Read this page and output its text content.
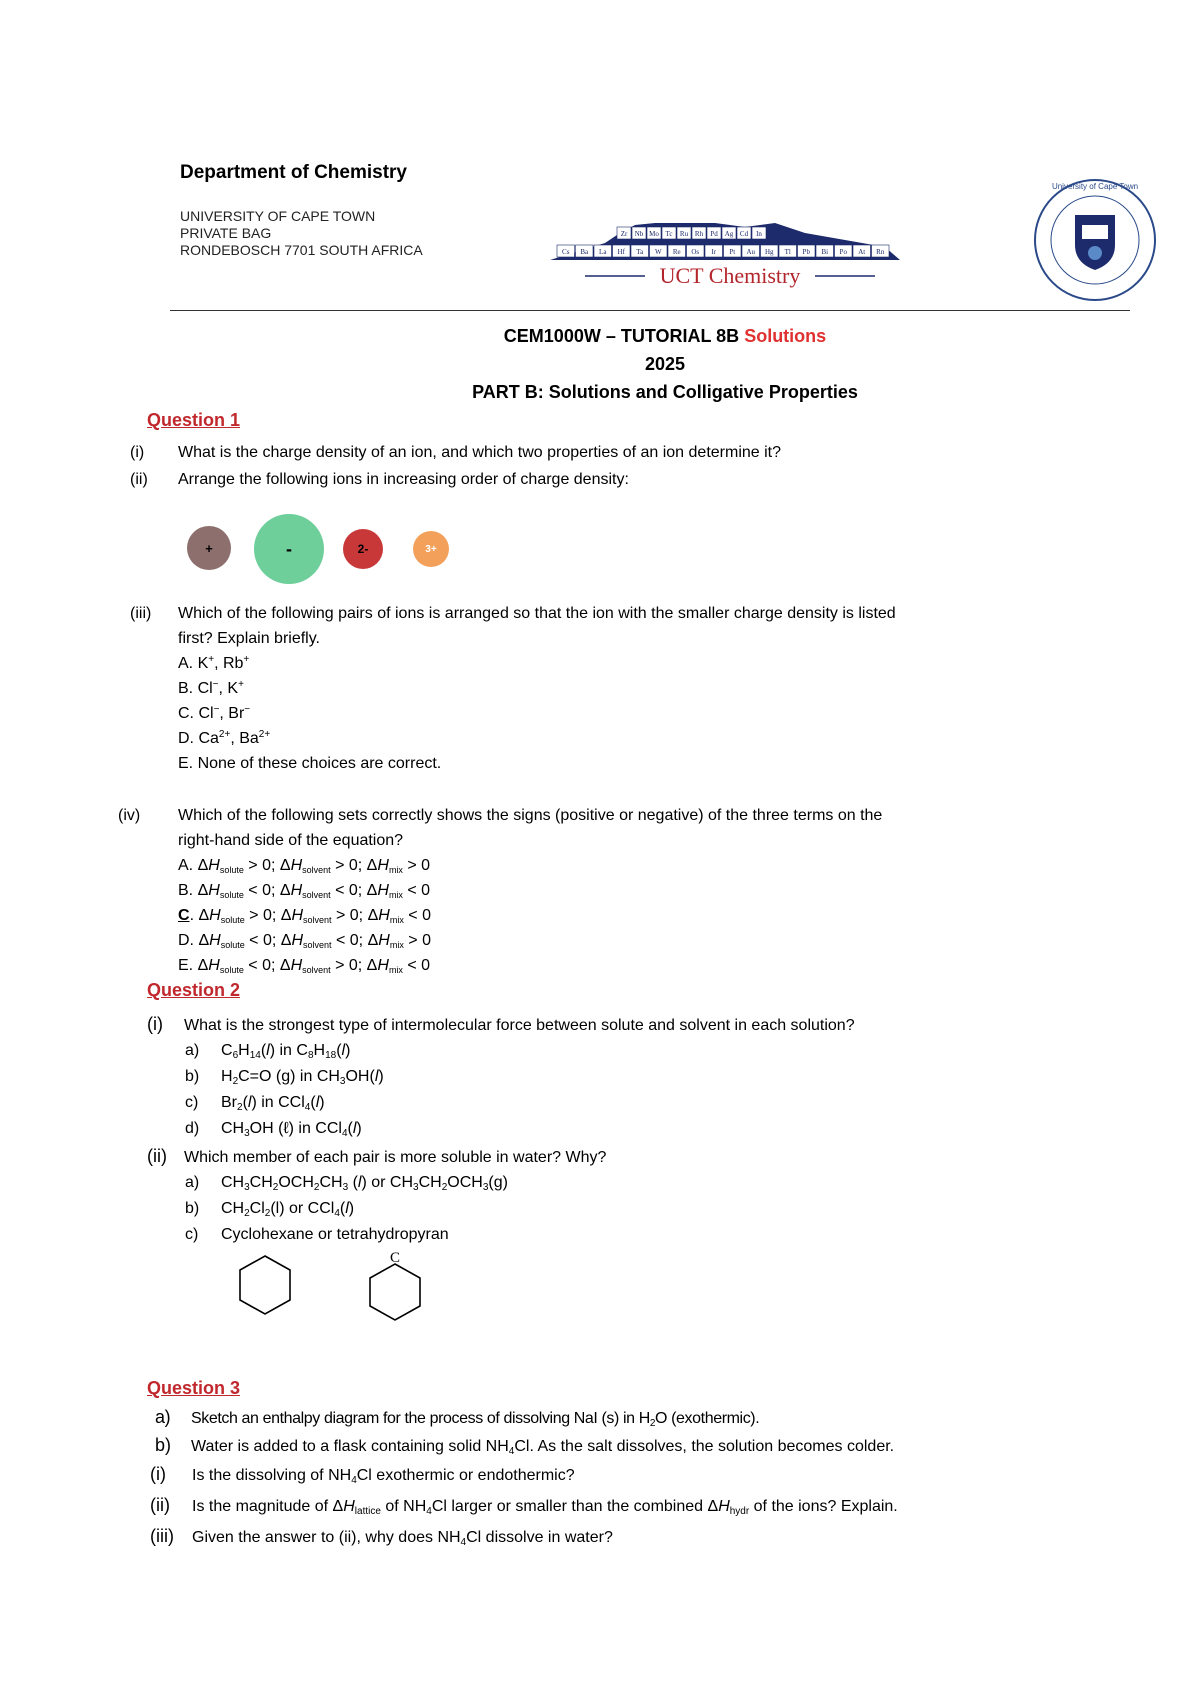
Department of Chemistry
UNIVERSITY OF CAPE TOWN
PRIVATE BAG
RONDEBOSCH 7701 SOUTH AFRICA
Zr Nb Mo Tc Ru Rh Pd Ag Cd In
Cs Ba La Hf Ta W Re Os Ir Pt Au Hg Tl Pb Bi Po At Rn
UCT Chemistry
University of Cape Town
CEM1000W – TUTORIAL 8B Solutions
2025
PART B: Solutions and Colligative Properties
Question 1
(i) What is the charge density of an ion, and which two properties of an ion determine it?
(ii) Arrange the following ions in increasing order of charge density:
+	-	2-	3+
(iii) Which of the following pairs of ions is arranged so that the ion with the smaller charge density is listed
first? Explain briefly.
A. K+, Rb+
B. Cl−, K+
C. Cl−, Br−
D. $Ca^{2+}$, $Ba^{2+}$
E. None of these choices are correct.
(iv) Which of the following sets correctly shows the signs (positive or negative) of the three terms on the
right-hand side of the equation?
A. ΔHsolute > 0; ΔHsolvent > 0; ΔHmix > 0
B. ΔHsolute < 0; ΔHsolvent < 0; ΔHmix < 0
C. ΔHsolute > 0; ΔHsolvent > 0; ΔHmix < 0
D. ΔHsolute < 0; ΔHsolvent < 0; ΔHmix > 0
E. ΔHsolute < 0; ΔHsolvent > 0; ΔHmix < 0
Question 2
(i) What is the strongest type of intermolecular force between solute and solvent in each solution?
a) $C_6H_{14}(l)$ in $C_8H_{18}(l)$
b) $H_2C=O$ (g) in $CH_3OH(l)$
c) $Br_2(l)$ in CCl$_4$(l)
d) $CH_3OH$ (ℓ) in CCl$_4$(l)
(ii) Which member of each pair is more soluble in water? Why?
a) $CH_3CH_2OCH_2CH_3$ (l) or $CH_3CH_2OCH_3(g)$
b) $CH_2Cl_2(l)$ or CCl$_4$(l)
c) Cyclohexane or tetrahydropyran
C
Question 3
a) Sketch an enthalpy diagram for the process of dissolving NaI (s) in $H_2O$ (exothermic).
b) Water is added to a flask containing solid $NH_4Cl$. As the salt dissolves, the solution becomes colder.
(i) Is the dissolving of $NH_4Cl$ exothermic or endothermic?
(ii) Is the magnitude of $\Delta H_{lattice}$ of $NH_4Cl$ larger or smaller than the combined $\Delta H_{hydr}$ of the ions? Explain.
(iii) Given the answer to (ii), why does $NH_4Cl$ dissolve in water?
